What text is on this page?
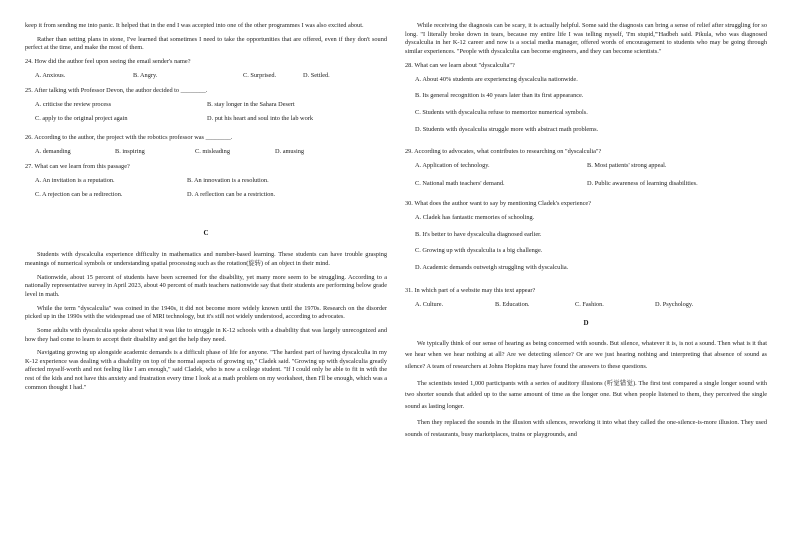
keep it from sending me into panic. It helped that in the end I was accepted into one of the other programmes I was also excited about.

Rather than setting plans in stone, I've learned that sometimes I need to take the opportunities that are offered, even if they don't sound perfect at the time, and make the most of them.

24. How did the author feel upon seeing the email sender's name?
A. Anxious.	B. Angry.	C. Surprised.	D. Settled.
25. After talking with Professor Devon, the author decided to ________.
A. criticise the review process	B. stay longer in the Sahara Desert
C. apply to the original project again	D. put his heart and soul into the lab work
26. According to the author, the project with the robotics professor was ________.
A. demanding	B. inspiring	C. misleading	D. amusing
27. What can we learn from this passage?
A. An invitation is a reputation.	B. An innovation is a resolution.
C. A rejection can be a redirection.	D. A reflection can be a restriction.
C

Students with dyscalculia experience difficulty in mathematics and number-based learning. These students can have trouble grasping meanings of numerical symbols or understanding spatial processing such as the rotation(旋转) of an object in their mind.

Nationwide, about 15 percent of students have been screened for the disability, yet many more seem to be struggling. According to a nationally representative survey in April 2023, about 40 percent of math teachers nationwide say that their students are performing below grade level in math.

While the term "dyscalculia" was coined in the 1940s, it did not become more widely known until the 1970s. Research on the disorder picked up in the 1990s with the widespread use of MRI technology, but it's still not widely understood, according to advocates.

Some adults with dyscalculia spoke about what it was like to struggle in K-12 schools with a disability that was largely unrecognized and how they had come to learn to accept their disability and get the help they need.

Navigating growing up alongside academic demands is a difficult phase of life for anyone. "The hardest part of having dyscalculia in my K-12 experience was dealing with a disability on top of the normal aspects of growing up," Cladek said. "Growing up with dyscalculia greatly affected myself-worth and not feeling like I am enough," said Cladek, who is now a college student. "If I could only be able to fit in with the rest of the kids and not have this anxiety and frustration every time I look at a math problem on my worksheet, then I'll be enough, which was a common thought I had."

While receiving the diagnosis can be scary, it is actually helpful. Some said the diagnosis can bring a sense of relief after struggling for so long. "I literally broke down in tears, because my entire life I was telling myself, 'I'm stupid,'"Hadbeh said. Pikula, who was diagnosed dyscalculia in her K-12 career and now is a social media manager, offered words of encouragement to students who may be going through similar experiences. "People with dyscalculia can become engineers, and they can become scientists."

28. What can we learn about "dyscalculia"?
A. About 40% students are experiencing dyscalculia nationwide.
B. Its general recognition is 40 years later than its first appearance.
C. Students with dyscalculia refuse to memorize numerical symbols.
D. Students with dyscalculia struggle more with abstract math problems.
29. According to advocates, what contributes to researching on "dyscalculia"?
A. Application of technology.	B. Most patients' strong appeal.
C. National math teachers' demand.	D. Public awareness of learning disabilities.
30. What does the author want to say by mentioning Cladek's experience?
A. Cladek has fantastic memories of schooling.
B. It's better to have dyscalculia diagnosed earlier.
C. Growing up with dyscalculia is a big challenge.
D. Academic demands outweigh struggling with dyscalculia.
31. In which part of a website may this text appear?
A. Culture.	B. Education.	C. Fashion.	D. Psychology.
D

We typically think of our sense of hearing as being concerned with sounds. But silence, whatever it is, is not a sound. Then what is it that we hear when we hear nothing at all? Are we detecting silence? Or are we just hearing nothing and interpreting that absence of sound as silence? A team of researchers at Johns Hopkins may have found the answers to these questions.

The scientists tested 1,000 participants with a series of auditory illusions (听觉错觉). The first test compared a single longer sound with two shorter sounds that added up to the same amount of time as the longer one. But when people listened to them, they perceived the single sound as lasting longer.

Then they replaced the sounds in the illusion with silences, reworking it into what they called the one-silence-is-more illusion. They used sounds of restaurants, busy marketplaces, trains or playgrounds, and
